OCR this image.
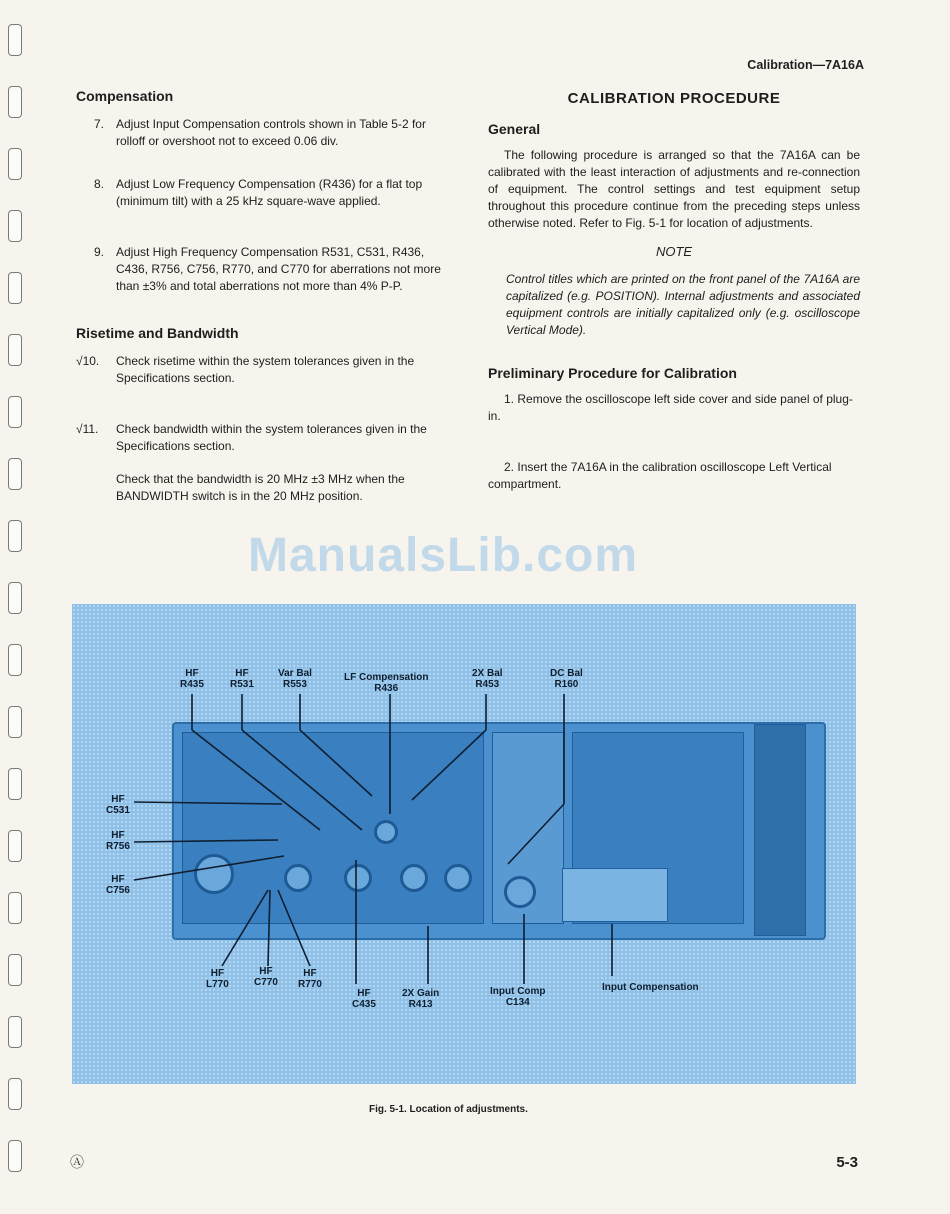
Calibration—7A16A
Compensation
7. Adjust Input Compensation controls shown in Table 5-2 for rolloff or overshoot not to exceed 0.06 div.
8. Adjust Low Frequency Compensation (R436) for a flat top (minimum tilt) with a 25 kHz square-wave applied.
9. Adjust High Frequency Compensation R531, C531, R436, C436, R756, C756, R770, and C770 for aberrations not more than ±3% and total aberrations not more than 4% P-P.
Risetime and Bandwidth
√10.	Check risetime within the system tolerances given in the Specifications section.
√11.	Check bandwidth within the system tolerances given in the Specifications section.

Check that the bandwidth is 20 MHz ±3 MHz when the BANDWIDTH switch is in the 20 MHz position.

CALIBRATION PROCEDURE
General

The following procedure is arranged so that the 7A16A can be calibrated with the least interaction of adjustments and re-connection of equipment. The control settings and test equipment setup throughout this procedure continue from the preceding steps unless otherwise noted. Refer to Fig. 5-1 for location of adjustments.

NOTE

Control titles which are printed on the front panel of the 7A16A are capitalized (e.g. POSITION). Internal adjustments and associated equipment controls are initially capitalized only (e.g. oscilloscope Vertical Mode).

Preliminary Procedure for Calibration

1. Remove the oscilloscope left side cover and side panel of plug-in.

2. Insert the 7A16A in the calibration oscilloscope Left Vertical compartment.

ManualsLib.com
HF
R435
HF
R531
Var Bal
R553
LF Compensation
R436
2X Bal
R453
DC Bal
R160
HF
C531
HF
R756
HF
C756
HF
L770
HF
C770
HF
R770
HF
C435
2X Gain
R413
Input Comp
C134
Input Compensation
Fig. 5-1. Location of adjustments.
Ⓐ	5-3
